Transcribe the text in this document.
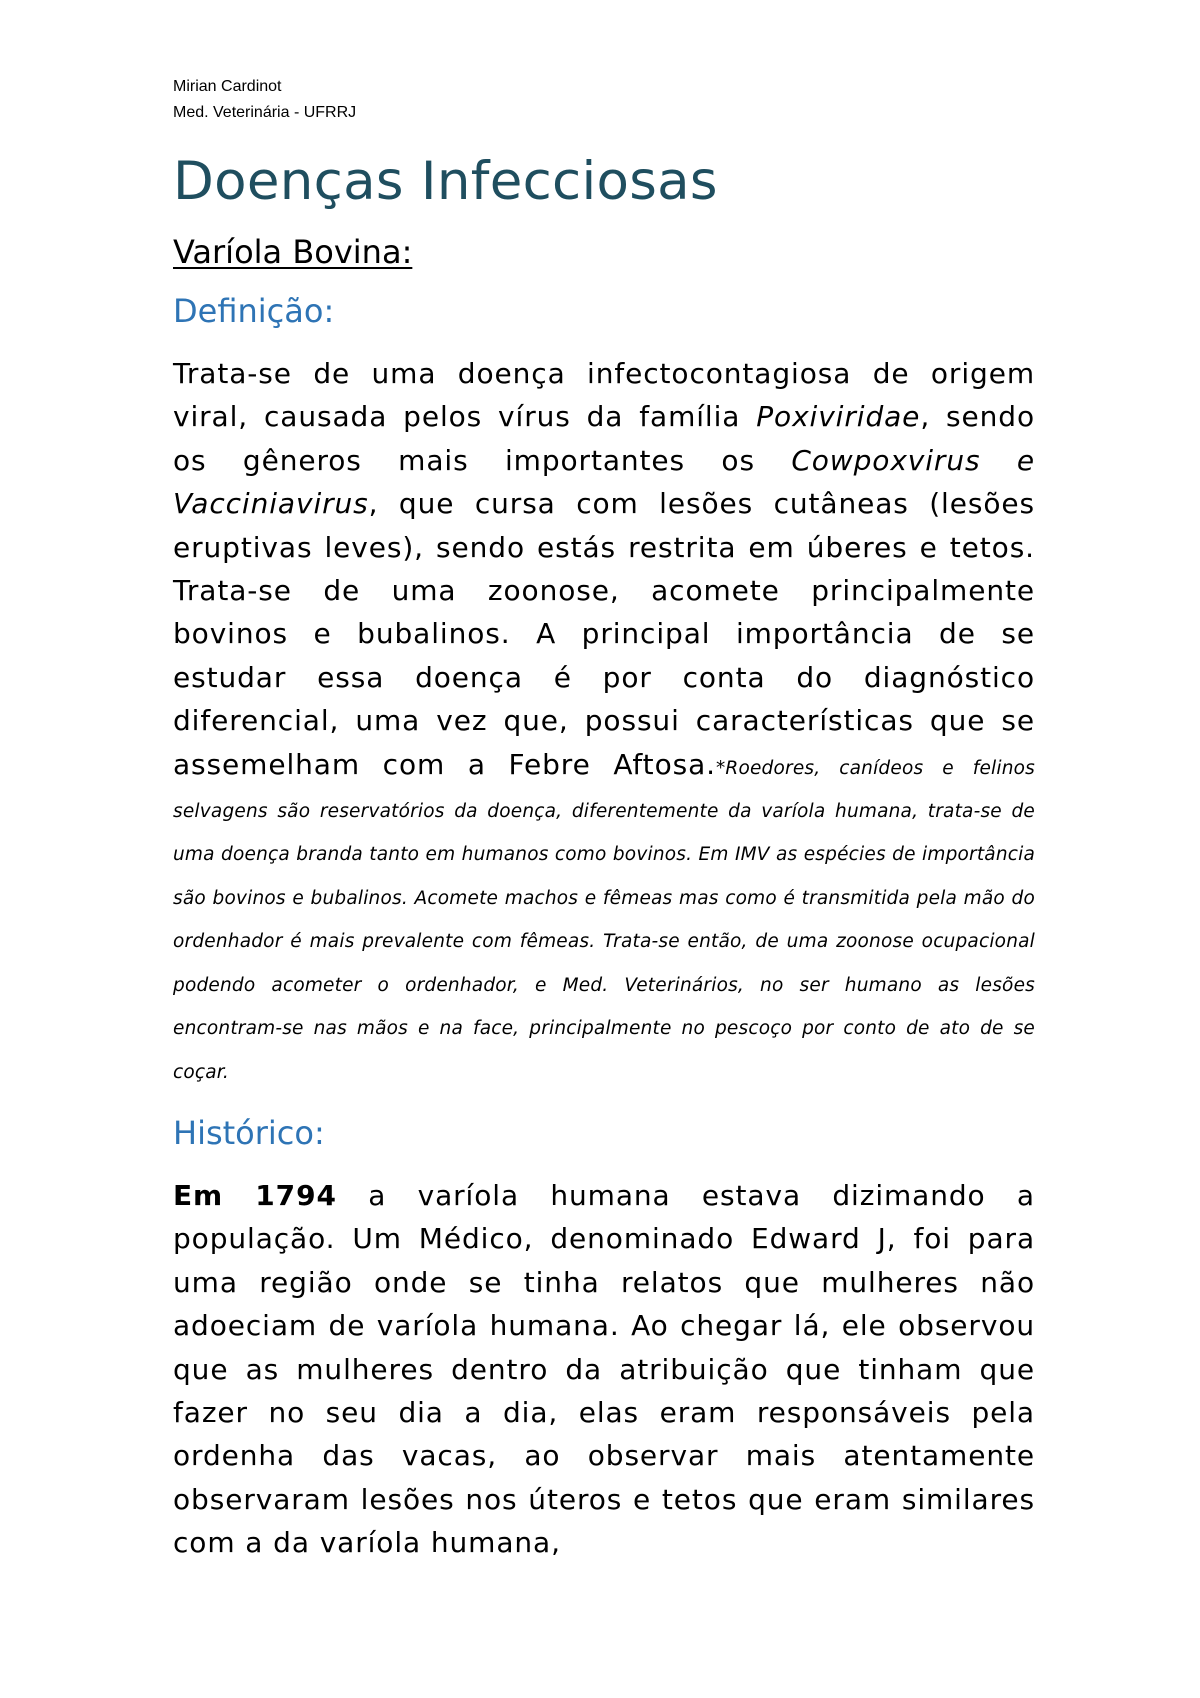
Mirian Cardinot

Med. Veterinária - UFRRJ

Doenças Infecciosas
Varíola Bovina:
Definição:

Trata-se de uma doença infectocontagiosa de origem viral, causada pelos vírus da família Poxiviridae, sendo os gêneros mais importantes os Cowpoxvirus e Vacciniavirus, que cursa com lesões cutâneas (lesões eruptivas leves), sendo estás restrita em úberes e tetos. Trata-se de uma zoonose, acomete principalmente bovinos e bubalinos. A principal importância de se estudar essa doença é por conta do diagnóstico diferencial, uma vez que, possui características que se assemelham com a Febre Aftosa.*Roedores, canídeos e felinos selvagens são reservatórios da doença, diferentemente da varíola humana, trata-se de uma doença branda tanto em humanos como bovinos. Em IMV as espécies de importância são bovinos e bubalinos. Acomete machos e fêmeas mas como é transmitida pela mão do ordenhador é mais prevalente com fêmeas. Trata-se então, de uma zoonose ocupacional podendo acometer o ordenhador, e Med. Veterinários, no ser humano as lesões encontram-se nas mãos e na face, principalmente no pescoço por conto de ato de se coçar.

Histórico:

Em 1794 a varíola humana estava dizimando a população. Um Médico, denominado Edward J, foi para uma região onde se tinha relatos que mulheres não adoeciam de varíola humana. Ao chegar lá, ele observou que as mulheres dentro da atribuição que tinham que fazer no seu dia a dia, elas eram responsáveis pela ordenha das vacas, ao observar mais atentamente observaram lesões nos úteros e tetos que eram similares com a da varíola humana,
